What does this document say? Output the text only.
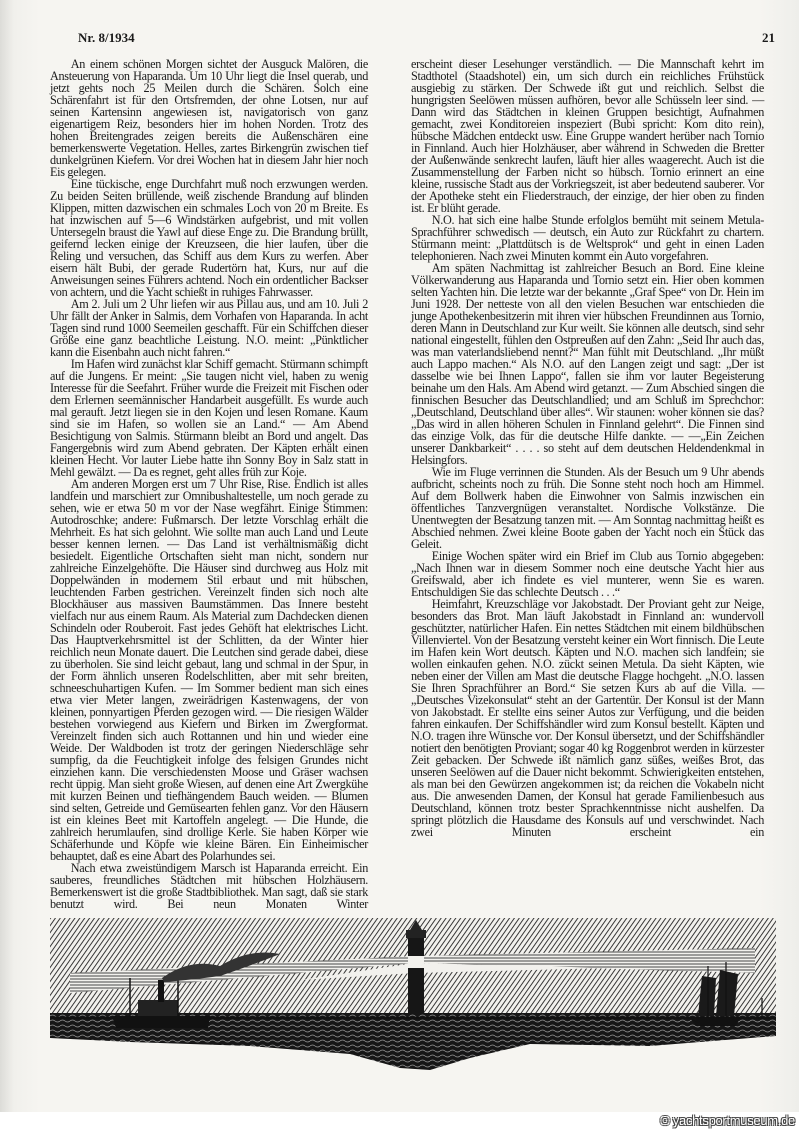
Nr. 8/1934	21

An einem schönen Morgen sichtet der Ausguck Malören, die Ansteuerung von Haparanda. Um 10 Uhr liegt die Insel querab, und jetzt gehts noch 25 Meilen durch die Schären. Solch eine Schärenfahrt ist für den Ortsfremden, der ohne Lotsen, nur auf seinen Kartensinn angewiesen ist, navigatorisch von ganz eigenartigem Reiz, besonders hier im hohen Norden. Trotz des hohen Breitengrades zeigen bereits die Außenschären eine bemerkenswerte Vegetation. Helles, zartes Birkengrün zwischen tief dunkelgrünen Kiefern. Vor drei Wochen hat in diesem Jahr hier noch Eis gelegen.

Eine tückische, enge Durchfahrt muß noch erzwungen werden. Zu beiden Seiten brüllende, weiß zischende Brandung auf blinden Klippen, mitten dazwischen ein schmales Loch von 20 m Breite. Es hat inzwischen auf 5—6 Windstärken aufgebrist, und mit vollen Untersegeln braust die Yawl auf diese Enge zu. Die Brandung brüllt, geifernd lecken einige der Kreuzseen, die hier laufen, über die Reling und versuchen, das Schiff aus dem Kurs zu werfen. Aber eisern hält Bubi, der gerade Rudertörn hat, Kurs, nur auf die Anweisungen seines Führers achtend. Noch ein ordentlicher Backser von achtern, und die Yacht schießt in ruhiges Fahrwasser.

Am 2. Juli um 2 Uhr liefen wir aus Pillau aus, und am 10. Juli 2 Uhr fällt der Anker in Salmis, dem Vorhafen von Haparanda. In acht Tagen sind rund 1000 Seemeilen geschafft. Für ein Schiffchen dieser Größe eine ganz beachtliche Leistung. N.O. meint: „Pünktlicher kann die Eisenbahn auch nicht fahren.“

Im Hafen wird zunächst klar Schiff gemacht. Stürmann schimpft auf die Jungens. Er meint: „Sie taugen nicht viel, haben zu wenig Interesse für die Seefahrt. Früher wurde die Freizeit mit Fischen oder dem Erlernen seemännischer Handarbeit ausgefüllt. Es wurde auch mal gerauft. Jetzt liegen sie in den Kojen und lesen Romane. Kaum sind sie im Hafen, so wollen sie an Land.“ — Am Abend Besichtigung von Salmis. Stürmann bleibt an Bord und angelt. Das Fangergebnis wird zum Abend gebraten. Der Käpten erhält einen kleinen Hecht. Vor lauter Liebe hatte ihn Sonny Boy in Salz statt in Mehl gewälzt. — Da es regnet, geht alles früh zur Koje.

Am anderen Morgen erst um 7 Uhr Rise, Rise. Endlich ist alles landfein und marschiert zur Omnibushaltestelle, um noch gerade zu sehen, wie er etwa 50 m vor der Nase wegfährt. Einige Stimmen: Autodroschke; andere: Fußmarsch. Der letzte Vorschlag erhält die Mehrheit. Es hat sich gelohnt. Wie sollte man auch Land und Leute besser kennen lernen. — Das Land ist verhältnismäßig dicht besiedelt. Eigentliche Ortschaften sieht man nicht, sondern nur zahlreiche Einzelgehöfte. Die Häuser sind durchweg aus Holz mit Doppelwänden in modernem Stil erbaut und mit hübschen, leuchtenden Farben gestrichen. Vereinzelt finden sich noch alte Blockhäuser aus massiven Baumstämmen. Das Innere besteht vielfach nur aus einem Raum. Als Material zum Dachdecken dienen Schindeln oder Rouberoit. Fast jedes Gehöft hat elektrisches Licht. Das Hauptverkehrsmittel ist der Schlitten, da der Winter hier reichlich neun Monate dauert. Die Leutchen sind gerade dabei, diese zu überholen. Sie sind leicht gebaut, lang und schmal in der Spur, in der Form ähnlich unseren Rodelschlitten, aber mit sehr breiten, schneeschuhartigen Kufen. — Im Sommer bedient man sich eines etwa vier Meter langen, zweirädrigen Kastenwagens, der von kleinen, ponnyartigen Pferden gezogen wird. — Die riesigen Wälder bestehen vorwiegend aus Kiefern und Birken im Zwergformat. Vereinzelt finden sich auch Rottannen und hin und wieder eine Weide. Der Waldboden ist trotz der geringen Niederschläge sehr sumpfig, da die Feuchtigkeit infolge des felsigen Grundes nicht einziehen kann. Die verschiedensten Moose und Gräser wachsen recht üppig. Man sieht große Wiesen, auf denen eine Art Zwergkühe mit kurzen Beinen und tiefhängendem Bauch weiden. — Blumen sind selten, Getreide und Gemüsearten fehlen ganz. Vor den Häusern ist ein kleines Beet mit Kartoffeln angelegt. — Die Hunde, die zahlreich herumlaufen, sind drollige Kerle. Sie haben Körper wie Schäferhunde und Köpfe wie kleine Bären. Ein Einheimischer behauptet, daß es eine Abart des Polarhundes sei.

Nach etwa zweistündigem Marsch ist Haparanda erreicht. Ein sauberes, freundliches Städtchen mit hübschen Holzhäusern. Bemerkenswert ist die große Stadtbibliothek. Man sagt, daß sie stark benutzt wird. Bei neun Monaten Winter

erscheint dieser Lesehunger verständlich. — Die Mannschaft kehrt im Stadthotel (Staadshotel) ein, um sich durch ein reichliches Frühstück ausgiebig zu stärken. Der Schwede ißt gut und reichlich. Selbst die hungrigsten Seelöwen müssen aufhören, bevor alle Schüsseln leer sind. — Dann wird das Städtchen in kleinen Gruppen besichtigt, Aufnahmen gemacht, zwei Konditoreien inspeziert (Bubi spricht: Kom dito rein), hübsche Mädchen entdeckt usw. Eine Gruppe wandert herüber nach Tornio in Finnland. Auch hier Holzhäuser, aber während in Schweden die Bretter der Außenwände senkrecht laufen, läuft hier alles waagerecht. Auch ist die Zusammenstellung der Farben nicht so hübsch. Tornio erinnert an eine kleine, russische Stadt aus der Vorkriegszeit, ist aber bedeutend sauberer. Vor der Apotheke steht ein Fliederstrauch, der einzige, der hier oben zu finden ist. Er blüht gerade.

N.O. hat sich eine halbe Stunde erfolglos bemüht mit seinem Metula-Sprachführer schwedisch — deutsch, ein Auto zur Rückfahrt zu chartern. Stürmann meint: „Plattdütsch is de Weltsprok“ und geht in einen Laden telephonieren. Nach zwei Minuten kommt ein Auto vorgefahren.

Am späten Nachmittag ist zahlreicher Besuch an Bord. Eine kleine Völkerwanderung aus Haparanda und Tornio setzt ein. Hier oben kommen selten Yachten hin. Die letzte war der bekannte „Graf Spee“ von Dr. Hein im Juni 1928. Der netteste von all den vielen Besuchen war entschieden die junge Apothekenbesitzerin mit ihren vier hübschen Freundinnen aus Tornio, deren Mann in Deutschland zur Kur weilt. Sie können alle deutsch, sind sehr national eingestellt, fühlen den Ostpreußen auf den Zahn: „Seid Ihr auch das, was man vaterlandsliebend nennt?“ Man fühlt mit Deutschland. „Ihr müßt auch Lappo machen.“ Als N.O. auf den Langen zeigt und sagt: „Der ist dasselbe wie bei Ihnen Lappo“, fallen sie ihm vor lauter Begeisterung beinahe um den Hals. Am Abend wird getanzt. — Zum Abschied singen die finnischen Besucher das Deutschlandlied; und am Schluß im Sprechchor: „Deutschland, Deutschland über alles“. Wir staunen: woher können sie das? „Das wird in allen höheren Schulen in Finnland gelehrt“. Die Finnen sind das einzige Volk, das für die deutsche Hilfe dankte. — —„Ein Zeichen unserer Dankbarkeit“ . . . . so steht auf dem deutschen Heldendenkmal in Helsingfors.

Wie im Fluge verrinnen die Stunden. Als der Besuch um 9 Uhr abends aufbricht, scheints noch zu früh. Die Sonne steht noch hoch am Himmel. Auf dem Bollwerk haben die Einwohner von Salmis inzwischen ein öffentliches Tanzvergnügen veranstaltet. Nordische Volkstänze. Die Unentwegten der Besatzung tanzen mit. — Am Sonntag nachmittag heißt es Abschied nehmen. Zwei kleine Boote gaben der Yacht noch ein Stück das Geleit.

Einige Wochen später wird ein Brief im Club aus Tornio abgegeben: „Nach Ihnen war in diesem Sommer noch eine deutsche Yacht hier aus Greifswald, aber ich findete es viel munterer, wenn Sie es waren. Entschuldigen Sie das schlechte Deutsch . . .“

Heimfahrt, Kreuzschläge vor Jakobstadt. Der Proviant geht zur Neige, besonders das Brot. Man läuft Jakobstadt in Finnland an: wundervoll geschützter, natürlicher Hafen. Ein nettes Städtchen mit einem bildhübschen Villenviertel. Von der Besatzung versteht keiner ein Wort finnisch. Die Leute im Hafen kein Wort deutsch. Käpten und N.O. machen sich landfein; sie wollen einkaufen gehen. N.O. zückt seinen Metula. Da sieht Käpten, wie neben einer der Villen am Mast die deutsche Flagge hochgeht. „N.O. lassen Sie Ihren Sprachführer an Bord.“ Sie setzen Kurs ab auf die Villa. — „Deutsches Vizekonsulat“ steht an der Gartentür. Der Konsul ist der Mann von Jakobstadt. Er stellte eins seiner Autos zur Verfügung, und die beiden fahren einkaufen. Der Schiffshändler wird zum Konsul bestellt. Käpten und N.O. tragen ihre Wünsche vor. Der Konsul übersetzt, und der Schiffshändler notiert den benötigten Proviant; sogar 40 kg Roggenbrot werden in kürzester Zeit gebacken. Der Schwede ißt nämlich ganz süßes, weißes Brot, das unseren Seelöwen auf die Dauer nicht bekommt. Schwierigkeiten entstehen, als man bei den Gewürzen angekommen ist; da reichen die Vokabeln nicht aus. Die anwesenden Damen, der Konsul hat gerade Familienbesuch aus Deutschland, können trotz bester Sprachkenntnisse nicht aushelfen. Da springt plötzlich die Hausdame des Konsuls auf und verschwindet. Nach zwei Minuten erscheint ein

© yachtsportmuseum.de
